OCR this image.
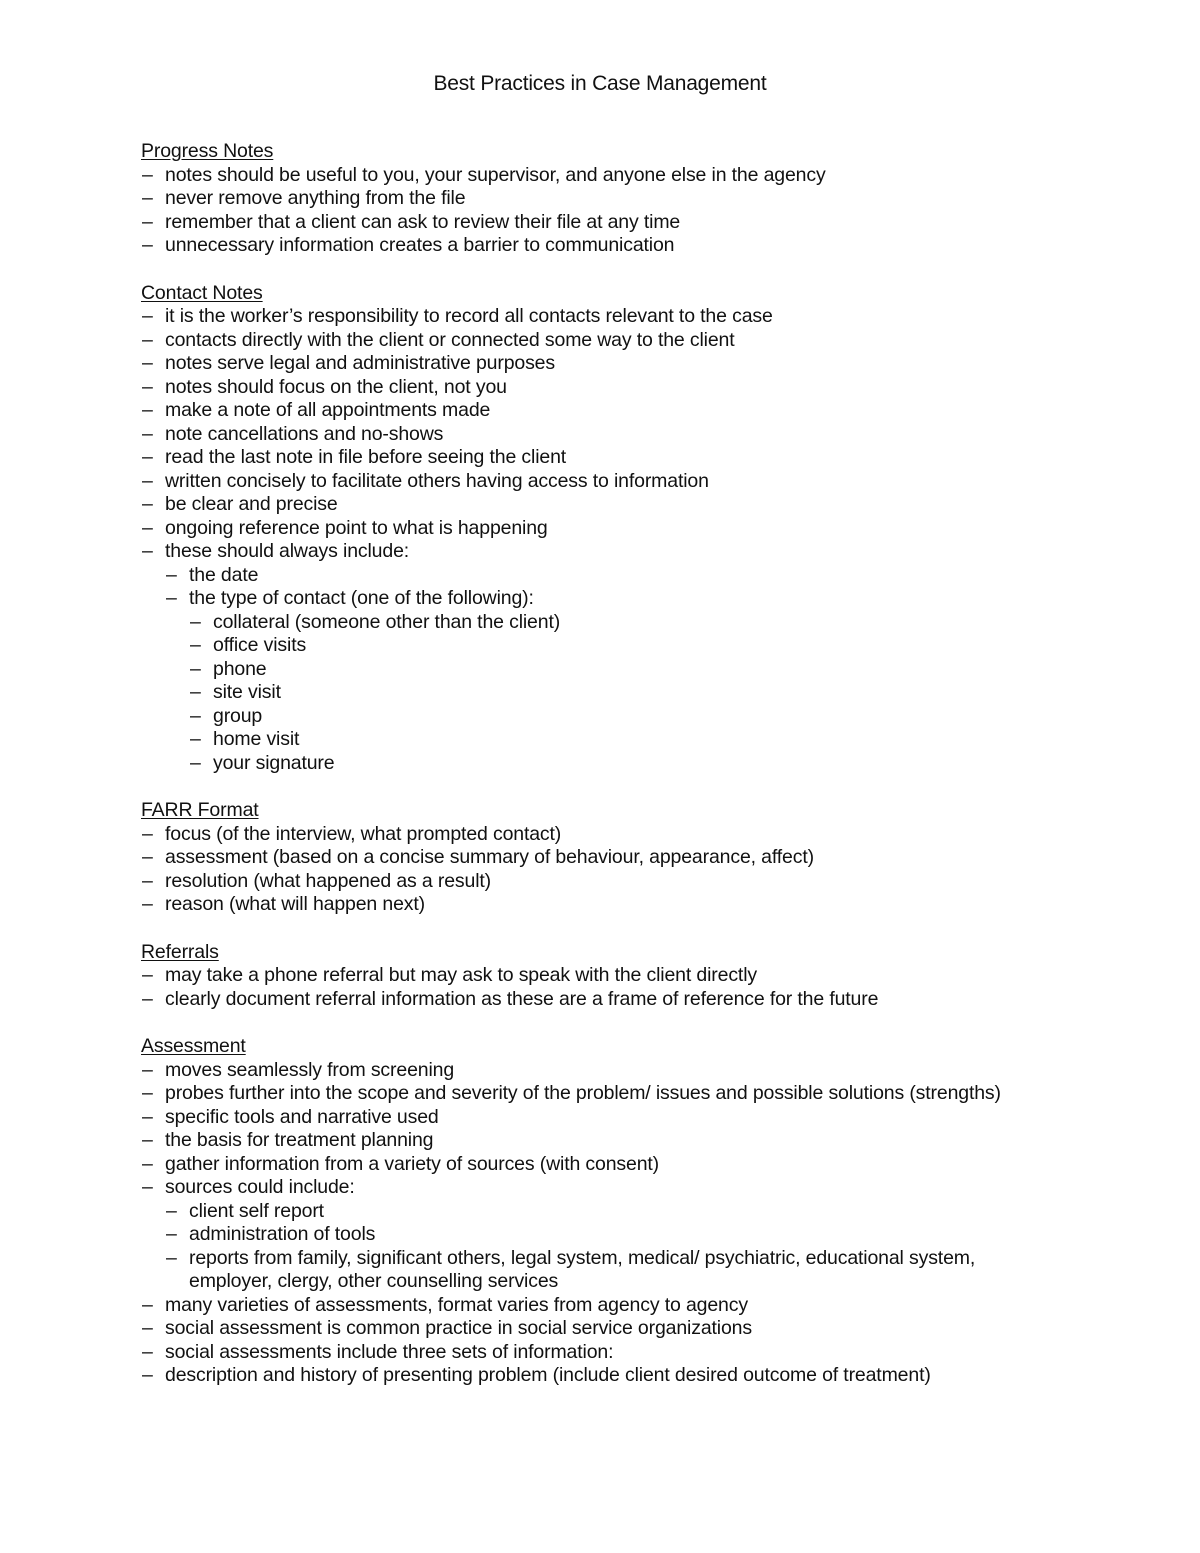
Best Practices in Case Management

Progress Notes

– notes should be useful to you, your supervisor, and anyone else in the agency
– never remove anything from the file
– remember that a client can ask to review their file at any time
– unnecessary information creates a barrier to communication

Contact Notes

– it is the worker’s responsibility to record all contacts relevant to the case
– contacts directly with the client or connected some way to the client
– notes serve legal and administrative purposes
– notes should focus on the client, not you
– make a note of all appointments made
– note cancellations and no-shows
– read the last note in file before seeing the client
– written concisely to facilitate others having access to information
– be clear and precise
– ongoing reference point to what is happening
– these should always include:
– the date
– the type of contact (one of the following):
– collateral (someone other than the client)
– office visits
– phone
– site visit
– group
– home visit
– your signature

FARR Format

– focus (of the interview, what prompted contact)
– assessment (based on a concise summary of behaviour, appearance, affect)
– resolution (what happened as a result)
– reason (what will happen next)

Referrals

– may take a phone referral but may ask to speak with the client directly
– clearly document referral information as these are a frame of reference for the future

Assessment

– moves seamlessly from screening
– probes further into the scope and severity of the problem/ issues and possible solutions (strengths)
– specific tools and narrative used
– the basis for treatment planning
– gather information from a variety of sources (with consent)
– sources could include:
– client self report
– administration of tools
– reports from family, significant others, legal system, medical/ psychiatric, educational system, employer, clergy, other counselling services
– many varieties of assessments, format varies from agency to agency
– social assessment is common practice in social service organizations
– social assessments include three sets of information:
– description and history of presenting problem (include client desired outcome of treatment)
